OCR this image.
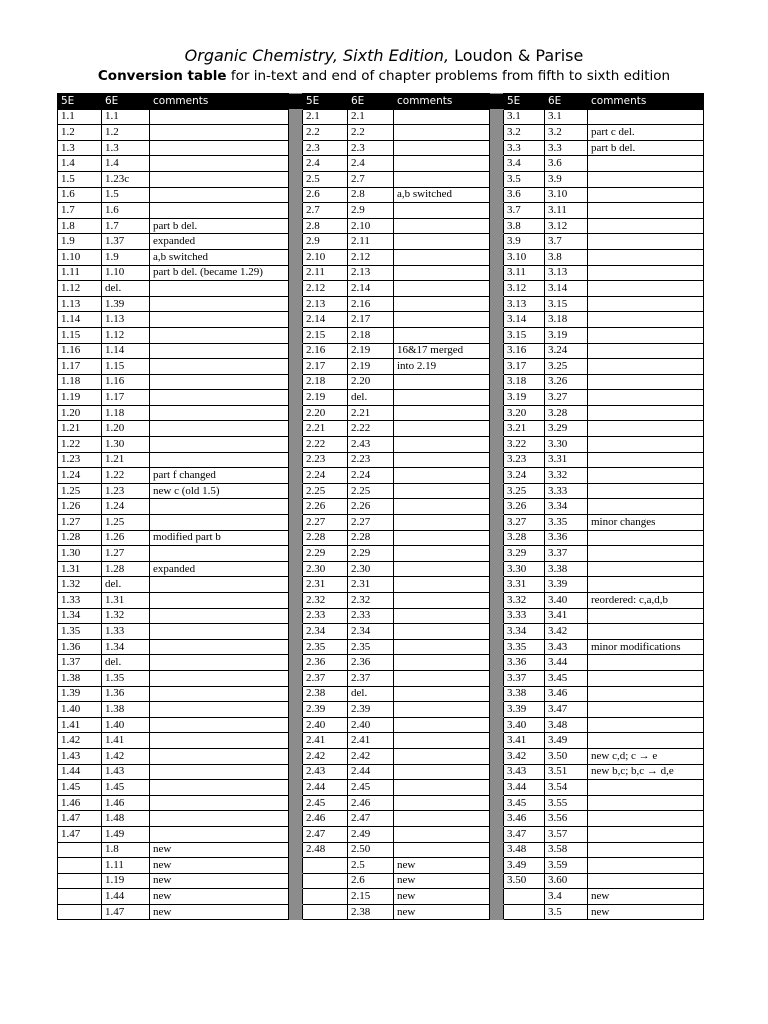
Organic Chemistry, Sixth Edition, Loudon & Parise
Conversion table for in-text and end of chapter problems from fifth to sixth edition
5E	6E	comments		5E	6E	comments		5E	6E	comments
1.1	1.1			2.1	2.1			3.1	3.1	
1.2	1.2			2.2	2.2			3.2	3.2	part c del.
1.3	1.3			2.3	2.3			3.3	3.3	part b del.
1.4	1.4			2.4	2.4			3.4	3.6	
1.5	1.23c			2.5	2.7			3.5	3.9	
1.6	1.5			2.6	2.8	a,b switched		3.6	3.10	
1.7	1.6			2.7	2.9			3.7	3.11	
1.8	1.7	part b del.		2.8	2.10			3.8	3.12	
1.9	1.37	expanded		2.9	2.11			3.9	3.7	
1.10	1.9	a,b switched		2.10	2.12			3.10	3.8	
1.11	1.10	part b del. (became 1.29)		2.11	2.13			3.11	3.13	
1.12	del.			2.12	2.14			3.12	3.14	
1.13	1.39			2.13	2.16			3.13	3.15	
1.14	1.13			2.14	2.17			3.14	3.18	
1.15	1.12			2.15	2.18			3.15	3.19	
1.16	1.14			2.16	2.19	16&17 merged		3.16	3.24	
1.17	1.15			2.17	2.19	into 2.19		3.17	3.25	
1.18	1.16			2.18	2.20			3.18	3.26	
1.19	1.17			2.19	del.			3.19	3.27	
1.20	1.18			2.20	2.21			3.20	3.28	
1.21	1.20			2.21	2.22			3.21	3.29	
1.22	1.30			2.22	2.43			3.22	3.30	
1.23	1.21			2.23	2.23			3.23	3.31	
1.24	1.22	part f changed		2.24	2.24			3.24	3.32	
1.25	1.23	new c (old 1.5)		2.25	2.25			3.25	3.33	
1.26	1.24			2.26	2.26			3.26	3.34	
1.27	1.25			2.27	2.27			3.27	3.35	minor changes
1.28	1.26	modified part b		2.28	2.28			3.28	3.36	
1.30	1.27			2.29	2.29			3.29	3.37	
1.31	1.28	expanded		2.30	2.30			3.30	3.38	
1.32	del.			2.31	2.31			3.31	3.39	
1.33	1.31			2.32	2.32			3.32	3.40	reordered: c,a,d,b
1.34	1.32			2.33	2.33			3.33	3.41	
1.35	1.33			2.34	2.34			3.34	3.42	
1.36	1.34			2.35	2.35			3.35	3.43	minor modifications
1.37	del.			2.36	2.36			3.36	3.44	
1.38	1.35			2.37	2.37			3.37	3.45	
1.39	1.36			2.38	del.			3.38	3.46	
1.40	1.38			2.39	2.39			3.39	3.47	
1.41	1.40			2.40	2.40			3.40	3.48	
1.42	1.41			2.41	2.41			3.41	3.49	
1.43	1.42			2.42	2.42			3.42	3.50	new c,d; c → e
1.44	1.43			2.43	2.44			3.43	3.51	new b,c; b,c → d,e
1.45	1.45			2.44	2.45			3.44	3.54	
1.46	1.46			2.45	2.46			3.45	3.55	
1.47	1.48			2.46	2.47			3.46	3.56	
1.47	1.49			2.47	2.49			3.47	3.57	
	1.8	new		2.48	2.50			3.48	3.58	
	1.11	new			2.5	new		3.49	3.59	
	1.19	new			2.6	new		3.50	3.60	
	1.44	new			2.15	new			3.4	new
	1.47	new			2.38	new			3.5	new
